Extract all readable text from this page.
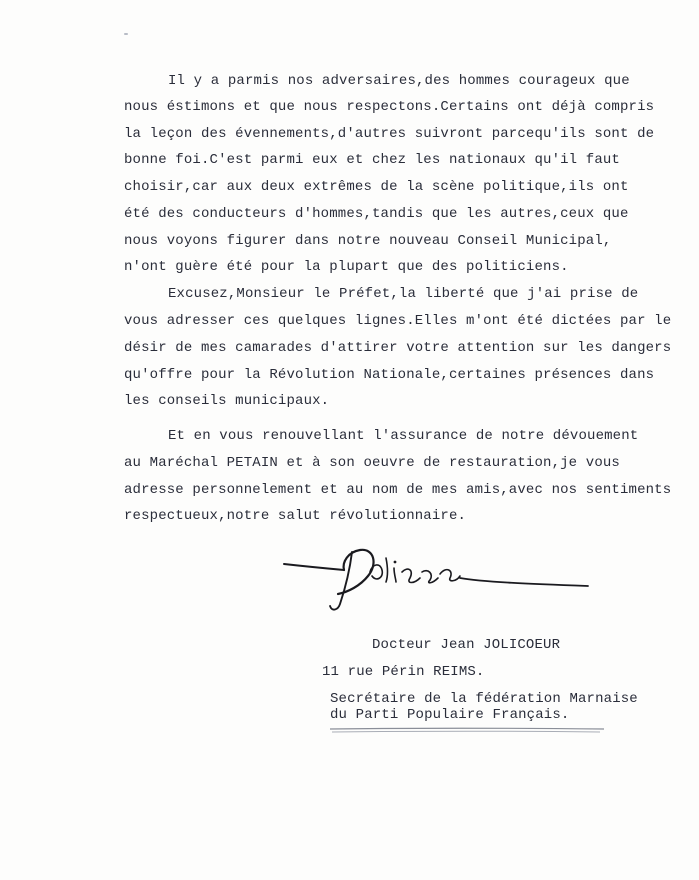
Il y a parmis nos adversaires,des hommes courageux que
nous éstimons et que nous respectons.Certains ont déjà compris
la leçon des évennements,d'autres suivront parcequ'ils sont de
bonne foi.C'est parmi eux et chez les nationaux qu'il faut
choisir,car aux deux extrêmes de la scène politique,ils ont
été des conducteurs d'hommes,tandis que les autres,ceux que
nous voyons figurer dans notre nouveau Conseil Municipal,
n'ont guère été pour la plupart que des politiciens.
Excusez,Monsieur le Préfet,la liberté que j'ai prise de
vous adresser ces quelques lignes.Elles m'ont été dictées par le
désir de mes camarades d'attirer votre attention sur les dangers
qu'offre pour la Révolution Nationale,certaines présences dans
les conseils municipaux.
Et en vous renouvellant l'assurance de notre dévouement
au Maréchal PETAIN et à son oeuvre de restauration,je vous
adresse personnelement et au nom de mes amis,avec nos sentiments
respectueux,notre salut révolutionnaire.
Docteur Jean JOLICOEUR
11 rue Périn REIMS.
Secrétaire de la fédération Marnaise
du Parti Populaire Français.
